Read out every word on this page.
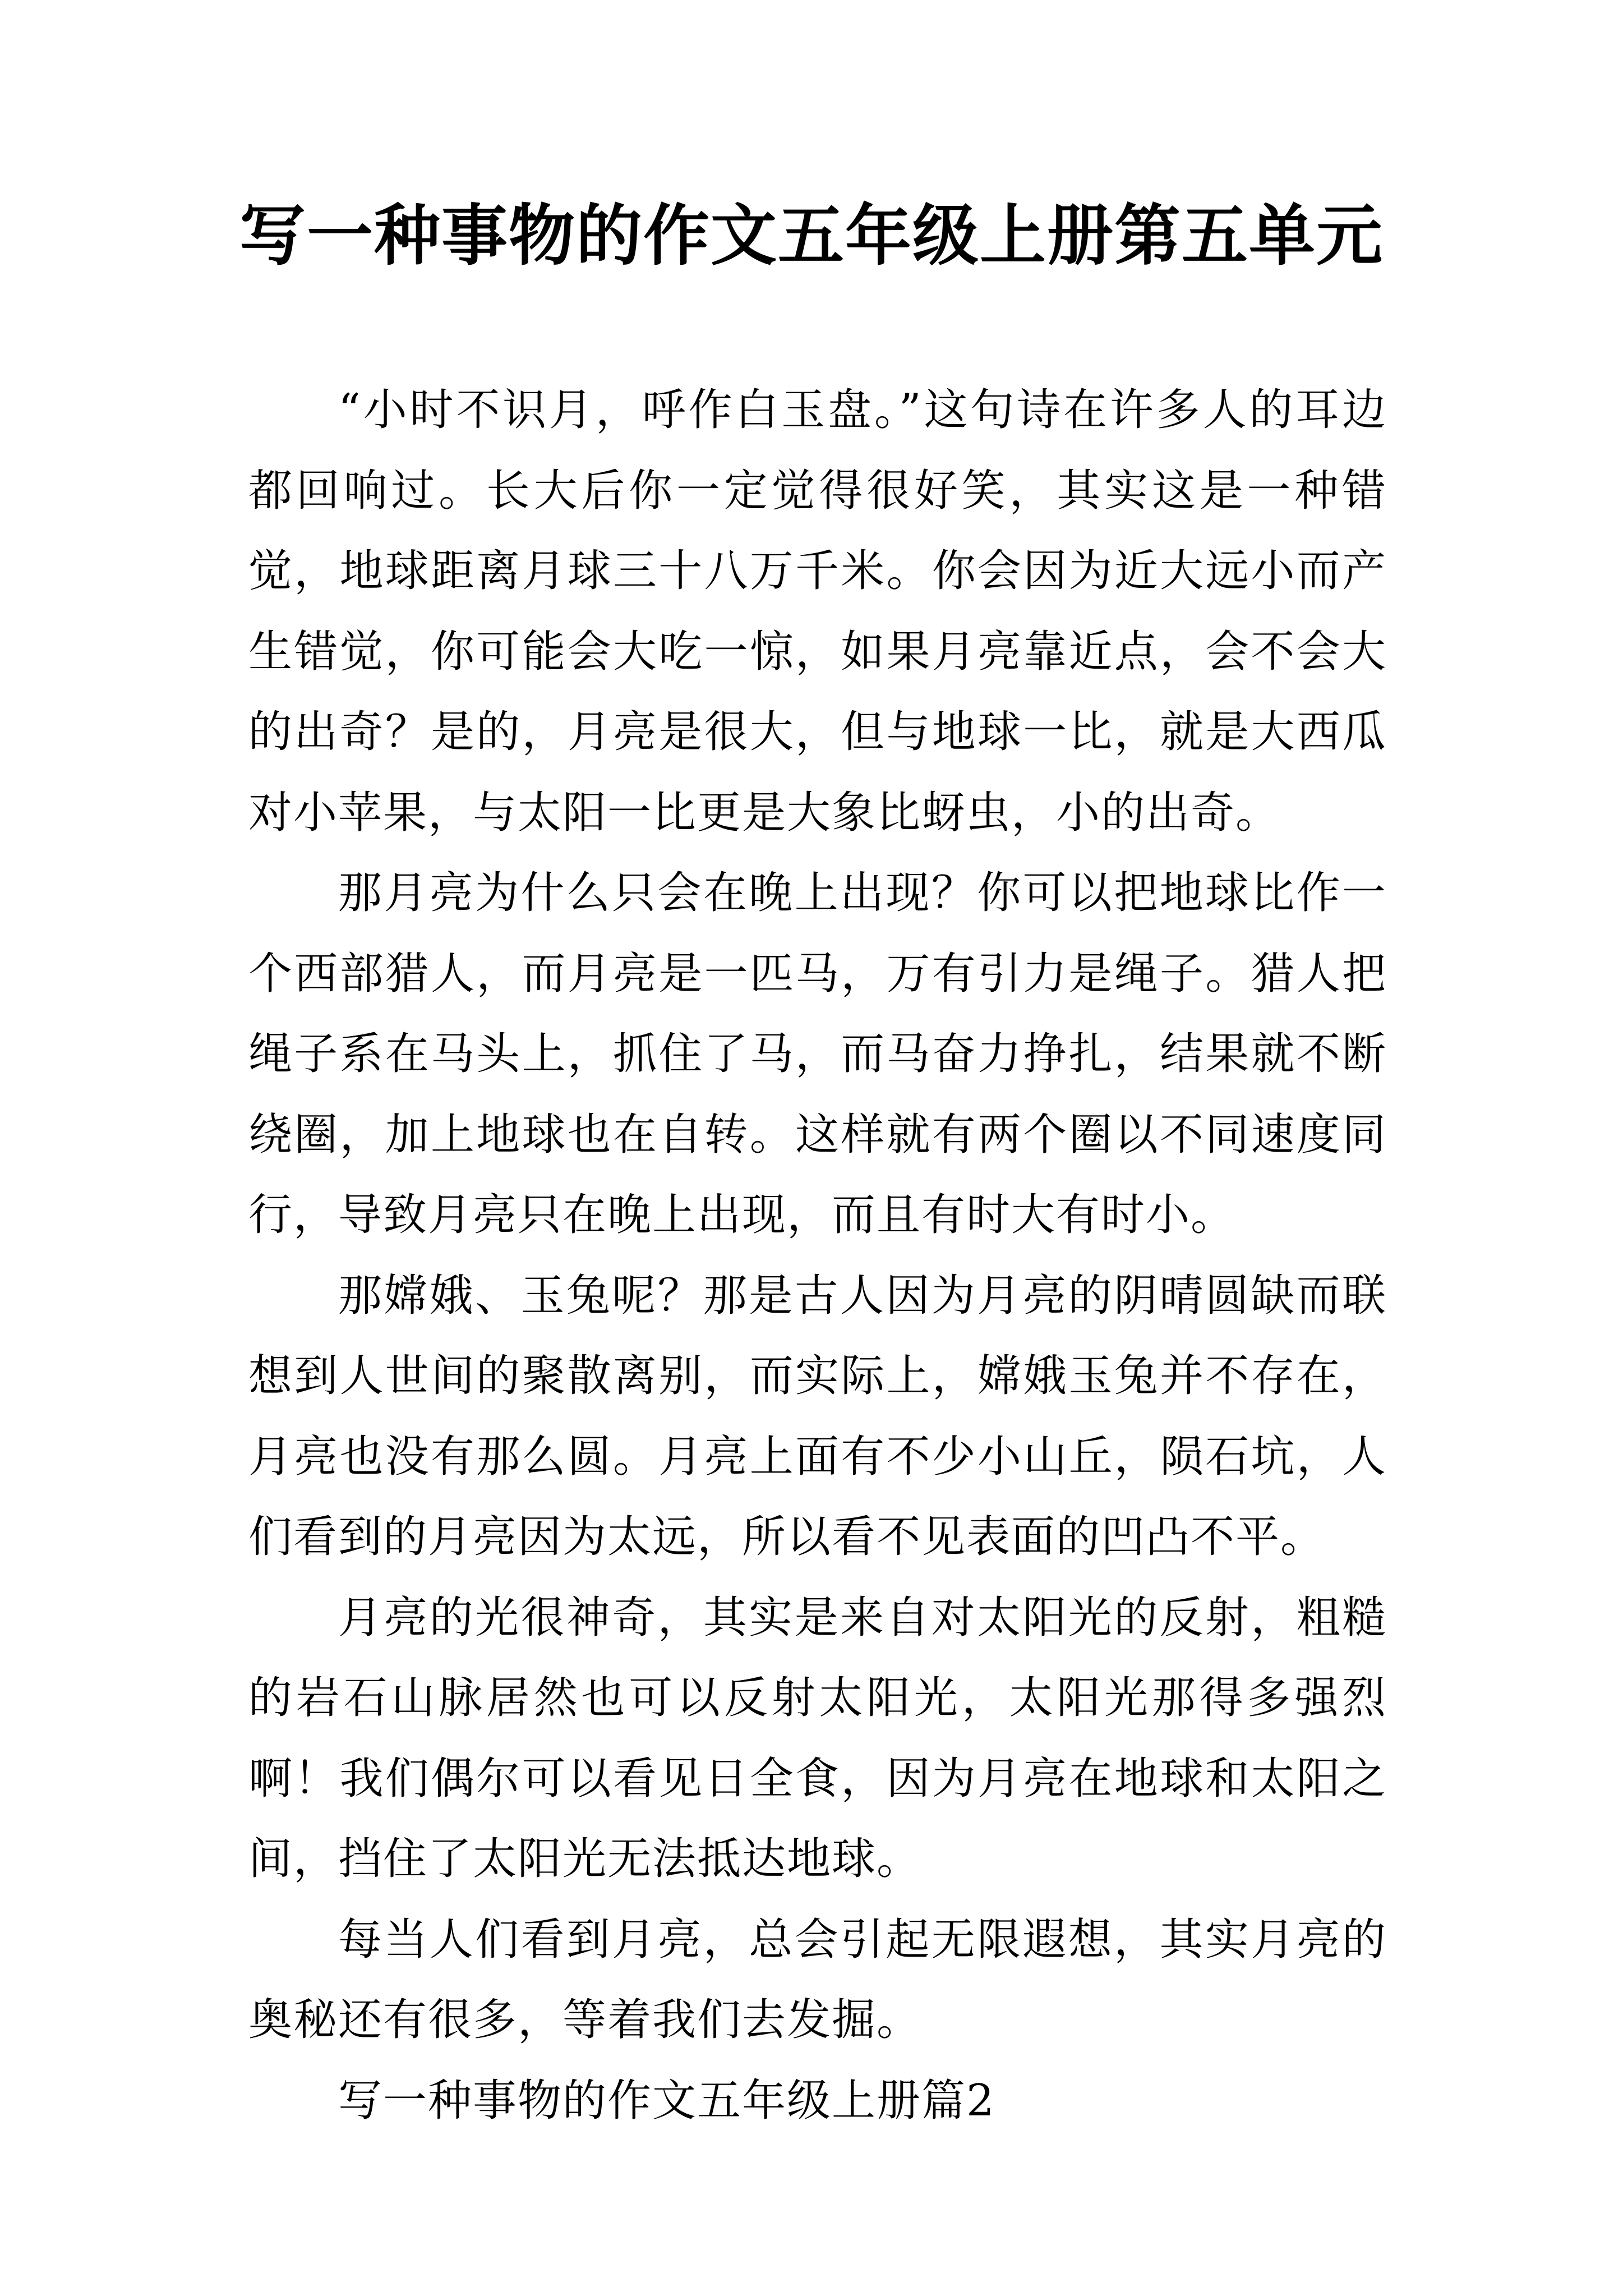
写一种事物的作文五年级上册第五单元

“小时不识月，呼作白玉盘。”这句诗在许多人的耳边都回响过。长大后你一定觉得很好笑，其实这是一种错觉，地球距离月球三十八万千米。你会因为近大远小而产生错觉，你可能会大吃一惊，如果月亮靠近点，会不会大的出奇？是的，月亮是很大，但与地球一比，就是大西瓜对小苹果，与太阳一比更是大象比蚜虫，小的出奇。

那月亮为什么只会在晚上出现？你可以把地球比作一个西部猎人，而月亮是一匹马，万有引力是绳子。猎人把绳子系在马头上，抓住了马，而马奋力挣扎，结果就不断绕圈，加上地球也在自转。这样就有两个圈以不同速度同行，导致月亮只在晚上出现，而且有时大有时小。

那嫦娥、玉兔呢？那是古人因为月亮的阴晴圆缺而联想到人世间的聚散离别，而实际上，嫦娥玉兔并不存在，月亮也没有那么圆。月亮上面有不少小山丘，陨石坑，人们看到的月亮因为太远，所以看不见表面的凹凸不平。

月亮的光很神奇，其实是来自对太阳光的反射，粗糙的岩石山脉居然也可以反射太阳光，太阳光那得多强烈啊！我们偶尔可以看见日全食，因为月亮在地球和太阳之间，挡住了太阳光无法抵达地球。

每当人们看到月亮，总会引起无限遐想，其实月亮的奥秘还有很多，等着我们去发掘。

写一种事物的作文五年级上册篇2
